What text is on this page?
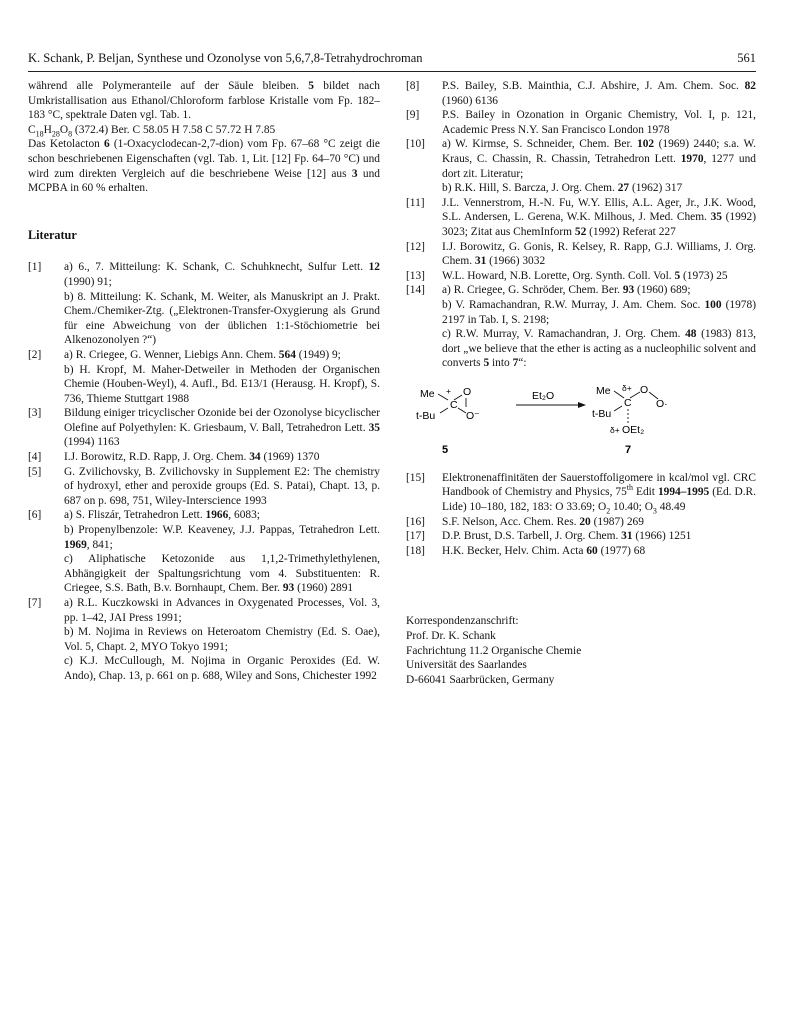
K. Schank, P. Beljan, Synthese und Ozonolyse von 5,6,7,8-Tetrahydrochroman	561

während alle Polymeranteile auf der Säule bleiben. 5 bildet nach Umkristallisation aus Ethanol/Chloroform farblose Kristalle vom Fp. 182–183 °C, spektrale Daten vgl. Tab. 1.
$C_{18}H_{28}O_8$ (372.4) Ber. C 58.05 H 7.58 C 57.72 H 7.85

Das Ketolacton 6 (1-Oxacyclodecan-2,7-dion) vom Fp. 67–68 °C zeigt die schon beschriebenen Eigenschaften (vgl. Tab. 1, Lit. [12] Fp. 64–70 °C) und wird zum direkten Vergleich auf die beschriebene Weise [12] aus 3 und MCPBA in 60 % erhalten.

Literatur
[1] a) 6., 7. Mitteilung: K. Schank, C. Schuhknecht, Sulfur Lett. 12 (1990) 91;
b) 8. Mitteilung: K. Schank, M. Weiter, als Manuskript an J. Prakt. Chem./Chemiker-Ztg. („Elektronen-Transfer-Oxygierung als Grund für eine Abweichung von der üblichen 1:1-Stöchiometrie bei Alkenozonolyen ?“)
[2] a) R. Criegee, G. Wenner, Liebigs Ann. Chem. 564 (1949) 9;
b) H. Kropf, M. Maher-Detweiler in Methoden der Organischen Chemie (Houben-Weyl), 4. Aufl., Bd. E13/1 (Herausg. H. Kropf), S. 736, Thieme Stuttgart 1988
[3] Bildung einiger tricyclischer Ozonide bei der Ozonolyse bicyclischer Olefine auf Polyethylen: K. Griesbaum, V. Ball, Tetrahedron Lett. 35 (1994) 1163
[4] I.J. Borowitz, R.D. Rapp, J. Org. Chem. 34 (1969) 1370
[5] G. Zvilichovsky, B. Zvilichovsky in Supplement E2: The chemistry of hydroxyl, ether and peroxide groups (Ed. S. Patai), Chapt. 13, p. 687 on p. 698, 751, Wiley-Interscience 1993
[6] a) S. Fliszár, Tetrahedron Lett. 1966, 6083;
b) Propenylbenzole: W.P. Keaveney, J.J. Pappas, Tetrahedron Lett. 1969, 841;
c) Aliphatische Ketozonide aus 1,1,2-Trimethylethylenen, Abhängigkeit der Spaltungsrichtung vom 4. Substituenten: R. Criegee, S.S. Bath, B.v. Bornhaupt, Chem. Ber. 93 (1960) 2891
[7] a) R.L. Kuczkowski in Advances in Oxygenated Processes, Vol. 3, pp. 1–42, JAI Press 1991;
b) M. Nojima in Reviews on Heteroatom Chemistry (Ed. S. Oae), Vol. 5, Chapt. 2, MYO Tokyo 1991;
c) K.J. McCullough, M. Nojima in Organic Peroxides (Ed. W. Ando), Chap. 13, p. 661 on p. 688, Wiley and Sons, Chichester 1992
[8] P.S. Bailey, S.B. Mainthia, C.J. Abshire, J. Am. Chem. Soc. 82 (1960) 6136
[9] P.S. Bailey in Ozonation in Organic Chemistry, Vol. I, p. 121, Academic Press N.Y. San Francisco London 1978
[10] a) W. Kirmse, S. Schneider, Chem. Ber. 102 (1969) 2440; s.a. W. Kraus, C. Chassin, R. Chassin, Tetrahedron Lett. 1970, 1277 und dort zit. Literatur;
b) R.K. Hill, S. Barcza, J. Org. Chem. 27 (1962) 317
[11] J.L. Vennerstrom, H.-N. Fu, W.Y. Ellis, A.L. Ager, Jr., J.K. Wood, S.L. Andersen, L. Gerena, W.K. Milhous, J. Med. Chem. 35 (1992) 3023; Zitat aus ChemInform 52 (1992) Referat 227
[12] I.J. Borowitz, G. Gonis, R. Kelsey, R. Rapp, G.J. Williams, J. Org. Chem. 31 (1966) 3032
[13] W.L. Howard, N.B. Lorette, Org. Synth. Coll. Vol. 5 (1973) 25
[14] a) R. Criegee, G. Schröder, Chem. Ber. 93 (1960) 689;
b) V. Ramachandran, R.W. Murray, J. Am. Chem. Soc. 100 (1978) 2197 in Tab. I, S. 2198;
c) R.W. Murray, V. Ramachandran, J. Org. Chem. 48 (1983) 813, dort „we believe that the ether is acting as a nucleophilic solvent and converts 5 into 7“:
Me + O
C
t-Bu	O⁻
Et₂O	Me δ+ O
O·
C
t-Bu
δ+ OEt₂
5	7
[15] Elektronenaffinitäten der Sauerstoffoligomere in kcal/mol vgl. CRC Handbook of Chemistry and Physics, 75th Edit 1994–1995 (Ed. D.R. Lide) 10–180, 182, 183: O 33.69; $O_2$ 10.40; $O_3$ 48.49
[16] S.F. Nelson, Acc. Chem. Res. 20 (1987) 269
[17] D.P. Brust, D.S. Tarbell, J. Org. Chem. 31 (1966) 1251
[18] H.K. Becker, Helv. Chim. Acta 60 (1977) 68
Korrespondenzanschrift:
Prof. Dr. K. Schank
Fachrichtung 11.2 Organische Chemie
Universität des Saarlandes
D-66041 Saarbrücken, Germany
